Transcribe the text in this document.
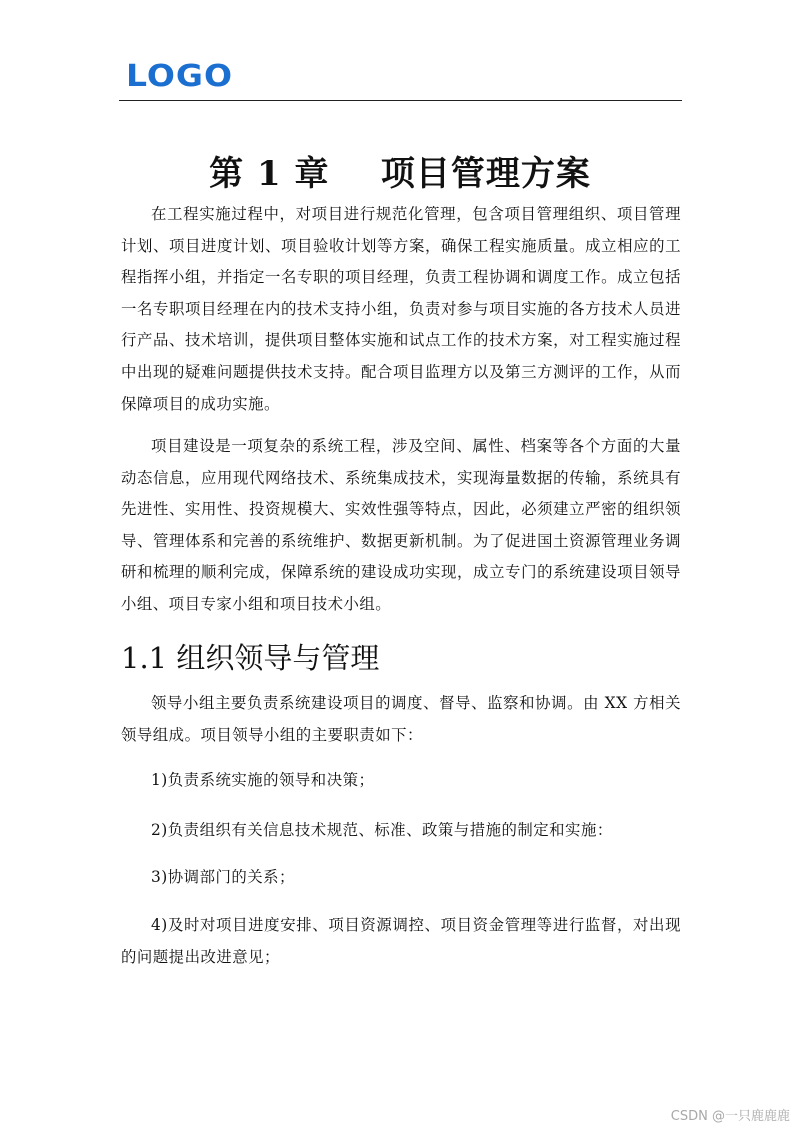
LOGO
第 1 章    项目管理方案

在工程实施过程中，对项目进行规范化管理，包含项目管理组织、项目管理计划、项目进度计划、项目验收计划等方案，确保工程实施质量。成立相应的工程指挥小组，并指定一名专职的项目经理，负责工程协调和调度工作。成立包括一名专职项目经理在内的技术支持小组，负责对参与项目实施的各方技术人员进行产品、技术培训，提供项目整体实施和试点工作的技术方案，对工程实施过程中出现的疑难问题提供技术支持。配合项目监理方以及第三方测评的工作，从而保障项目的成功实施。

项目建设是一项复杂的系统工程，涉及空间、属性、档案等各个方面的大量动态信息，应用现代网络技术、系统集成技术，实现海量数据的传输，系统具有先进性、实用性、投资规模大、实效性强等特点，因此，必须建立严密的组织领导、管理体系和完善的系统维护、数据更新机制。为了促进国土资源管理业务调研和梳理的顺利完成，保障系统的建设成功实现，成立专门的系统建设项目领导小组、项目专家小组和项目技术小组。

1.1 组织领导与管理

领导小组主要负责系统建设项目的调度、督导、监察和协调。由 XX 方相关领导组成。项目领导小组的主要职责如下：

1)负责系统实施的领导和决策；

2)负责组织有关信息技术规范、标准、政策与措施的制定和实施：

3)协调部门的关系；

4)及时对项目进度安排、项目资源调控、项目资金管理等进行监督，对出现的问题提出改进意见；

CSDN @一只鹿鹿鹿
